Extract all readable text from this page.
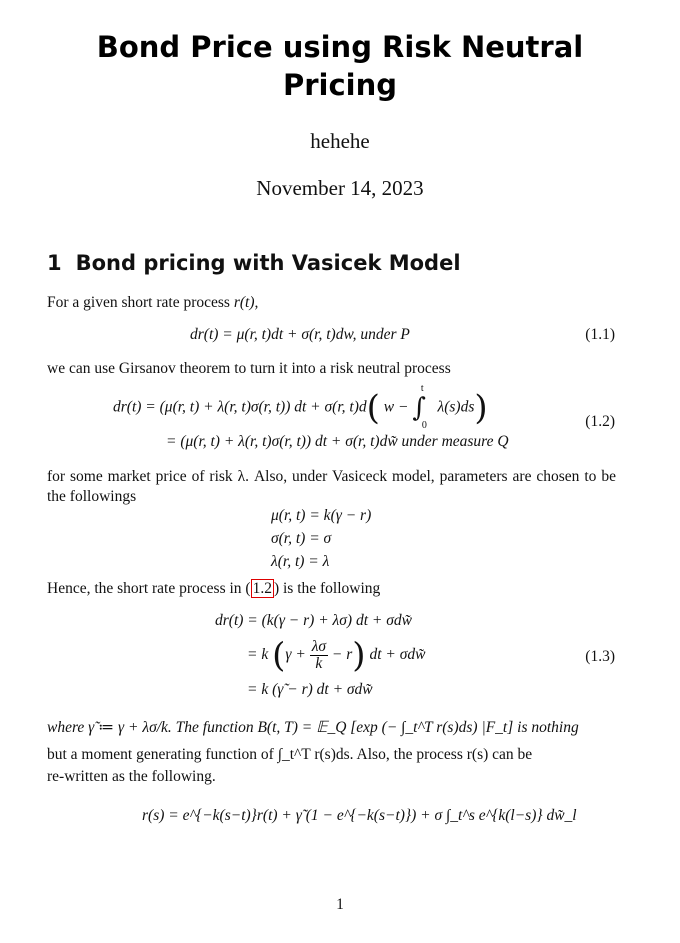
Bond Price using Risk Neutral Pricing
hehehe
November 14, 2023
1 Bond pricing with Vasicek Model
For a given short rate process r(t),
dr(t) = μ(r, t)dt + σ(r, t)dw, under P	(1.1)
we can use Girsanov theorem to turn it into a risk neutral process
dr(t) = (μ(r, t) + λ(r, t)σ(r, t)) dt + σ(r, t)d( $w - \int_0^t$ λ(s)ds)	(1.2)
= (μ(r, t) + λ(r, t)σ(r, t)) dt + σ(r, t)dw̃ under measure Q
for some market price of risk λ. Also, under Vasiceck model, parameters are chosen to be the followings
μ(r, t) = k(γ − r)
σ(r, t) = σ
λ(r, t) = λ
Hence, the short rate process in ( 1.2 ) is the following
dr(t) = (k(γ − r) + λσ) dt + σdw̃
= k $(\gamma + \frac{\lambda\sigma}{k} - r)$ dt + σdw̃	(1.3)
= k (γ̃ − r) dt + σdw̃
where γ̃ ≔ γ + λσ/k. The function B(t, T) = 𝔼_Q [exp (− ∫_t^T r(s)ds) |F_t] is nothing
but a moment generating function of ∫_t^T r(s)ds. Also, the process r(s) can be
re-written as the following.
r(s) = e^{−k(s−t)}r(t) + γ̃ (1 − e^{−k(s−t)}) + σ ∫_t^s e^{k(l−s)} dw̃_l
1
